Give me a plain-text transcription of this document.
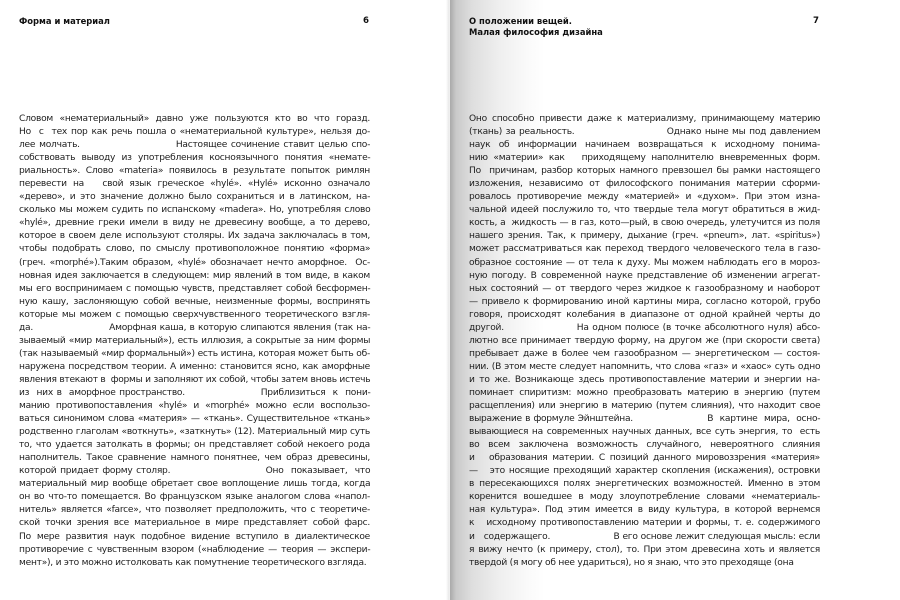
Форма и материал	6
Словом «нематериальный» давно уже пользуются кто во что горазд.
Но  с  тех пор как речь пошла о «нематериальной культуре», нельзя до-
лее молчать.                         Настоящее сочинение ставит целью спо-
собствовать выводу из употребления косноязычного понятия «немате-
риальность». Слово «materia» появилось в результате попыток римлян
перевести на   свой язык греческое «hylé». «Hylé» исконно означало
«дерево», и это значение должно было сохраниться и в латинском, на-
сколько мы можем судить по испанскому «madera». Но, употребляя слово
«hylé», древние греки имели в виду не древесину вообще, а то дерево,
которое в своем деле используют столяры. Их задача заключалась в том,
чтобы подобрать слово, по смыслу противоположное понятию «форма»
(греч. «morphé»).Таким образом, «hylé» обозначает нечто аморфное.  Ос-
новная идея заключается в следующем: мир явлений в том виде, в каком
мы его воспринимаем с помощью чувств, представляет собой бесформен-
ную кашу, заслоняющую собой вечные, неизменные формы, воспринять
которые мы можем с помощью сверхчувственного теоретического взгля-
да.                       Аморфная каша, в которую слипаются явления (так на-
зываемый «мир материальный»), есть иллюзия, а сокрытые за ним формы
(так называемый «мир формальный») есть истина, которая может быть об-
наружена посредством теории. А именно: становится ясно, как аморфные
явления втекают в  формы и заполняют их собой, чтобы затем вновь истечь
из  них в  аморфное пространство.                     Приблизиться  к  пони-
манию противопоставления «hylé» и «morphé» можно если воспользо-
ваться синонимом слова «материя» — «ткань». Существительное «ткань»
родственно глаголам «воткнуть», «заткнуть» (12). Материальный мир суть
то, что удается затолкать в формы; он представляет собой некоего рода
наполнитель. Такое сравнение намного понятнее, чем образ древесины,
которой придает форму столяр.                          Оно  показывает,  что
материальный мир вообще обретает свое воплощение лишь тогда, когда
он во что-то помещается. Во французском языке аналогом слова «напол-
нитель» является «farce», что позволяет предположить, что с теоретиче-
ской точки зрения все материальное в мире представляет собой фарс.
По мере развития наук подобное видение вступило в диалектическое
противоречие с чувственным взором («наблюдение — теория — экспери-
мент»), и это можно истолковать как помутнение теоретического взгляда.
О положении вещей.
Малая философия дизайна
7
Оно способно привести даже к материализму, принимающему материю
(ткань) за реальность.                          Однако ныне мы под давлением
наук  об  информации  начинаем  возвращаться  к  исходному  понима-
нию «материи» как   приходящему наполнителю вневременных форм.
По  причинам, разбор которых намного превзошел бы рамки настоящего
изложения, независимо от философского понимания материи сформи-
ровалось противоречие между «материей» и «духом». При этом изна-
чальной идеей послужило то, что твердые тела могут обратиться в жид-
кость, а  жидкость — в газ, кото—рый, в свою очередь, улетучится из поля
нашего зрения. Так, к примеру, дыхание (греч. «pneum», лат. «spiritus»)
может рассматриваться как переход твердого человеческого тела в газо-
образное состояние — от тела к духу. Мы можем наблюдать его в мороз-
ную погоду. В современной науке представление об изменении агрегат-
ных состояний — от твердого через жидкое к газообразному и наоборот
— привело к формированию иной картины мира, согласно которой, грубо
говоря, происходят колебания в диапазоне от одной крайней черты до
другой.                    На одном полюсе (в точке абсолютного нуля) абсо-
лютно все принимает твердую форму, на другом же (при скорости света)
пребывает даже в более чем газообразном — энергетическом — состоя-
нии. (В этом месте следует напомнить, что слова «газ» и «хаос» суть одно
и то же. Возникающе здесь противопоставление материи и энергии на-
поминает спиритизм: можно преобразовать материю в энергию (путем
расщепления) или энергию в материю (путем слияния), что находит свое
выражение в формуле Эйнштейна.                       В  картине  мира,  осно-
вывающиеся на современных научных данных, все суть энергия, то  есть
во  всем  заключена  возможность  случайного,  невероятного  слияния
и   образования материи. С позиций данного мировоззрения «материя»
—   это носящие преходящий характер скопления (искажения), островки
в пересекающихся полях энергетических возможностей. Именно в этом
коренится  вошедшее  в  моду  злоупотребление  словами  «нематериаль-
ная  культура».  Под  этим  имеется  в  виду  культура,  в  которой  вернемся
к   исходному противопоставлению материи и формы, т. е. содержимого
и   содержащего.                     В его основе лежит следующая мысль: если
я вижу нечто (к примеру, стол), то. При этом древесина хоть и является
твердой (я могу об нее удариться), но я знаю, что это преходяще (она
